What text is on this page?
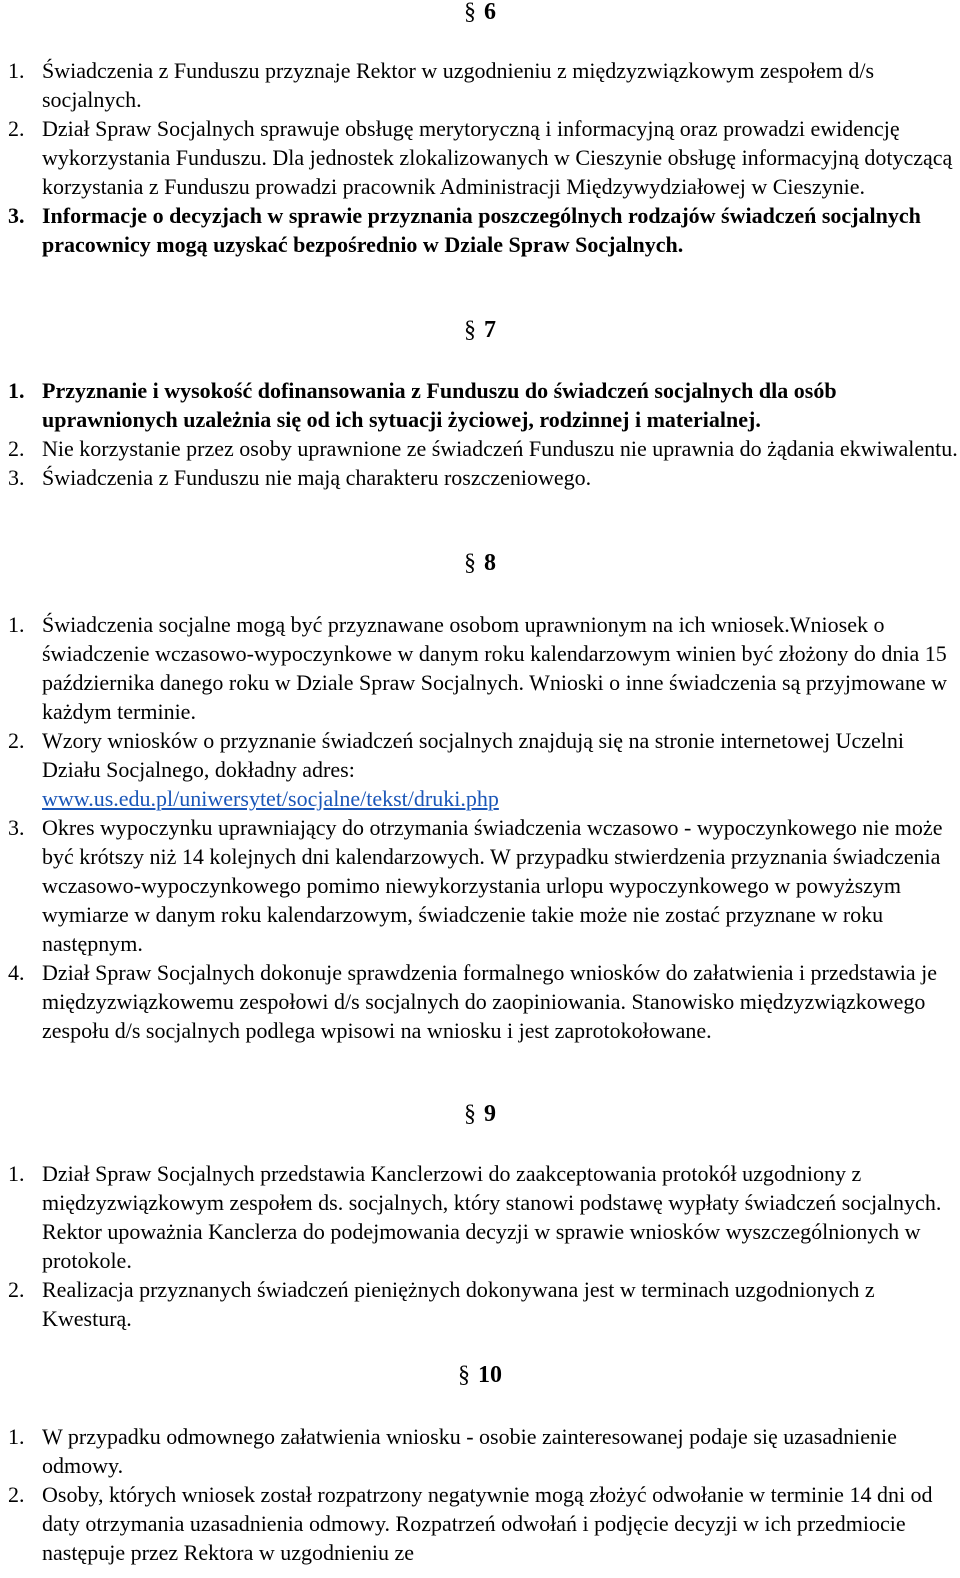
§ 6
1. Świadczenia z Funduszu przyznaje Rektor w uzgodnieniu z międzyzwiązkowym zespołem d/s socjalnych.
2. Dział Spraw Socjalnych sprawuje obsługę merytoryczną i informacyjną oraz prowadzi ewidencję wykorzystania Funduszu. Dla jednostek zlokalizowanych w Cieszynie obsługę informacyjną dotyczącą korzystania z Funduszu prowadzi pracownik Administracji Międzywydziałowej w Cieszynie.
3. Informacje o decyzjach w sprawie przyznania poszczególnych rodzajów świadczeń socjalnych pracownicy mogą uzyskać bezpośrednio w Dziale Spraw Socjalnych.
§ 7
1. Przyznanie i wysokość dofinansowania z Funduszu do świadczeń socjalnych dla osób uprawnionych uzależnia się od ich sytuacji życiowej, rodzinnej i materialnej.
2. Nie korzystanie przez osoby uprawnione ze świadczeń Funduszu nie uprawnia do żądania ekwiwalentu.
3. Świadczenia z Funduszu nie mają charakteru roszczeniowego.
§ 8
1. Świadczenia socjalne mogą być przyznawane osobom uprawnionym na ich wniosek.Wniosek o świadczenie wczasowo-wypoczynkowe w danym roku kalendarzowym winien być złożony do dnia 15 października danego roku w Dziale Spraw Socjalnych. Wnioski o inne świadczenia są przyjmowane w każdym terminie.
2. Wzory wniosków o przyznanie świadczeń socjalnych znajdują się na stronie internetowej Uczelni Działu Socjalnego, dokładny adres:
www.us.edu.pl/uniwersytet/socjalne/tekst/druki.php
3. Okres wypoczynku uprawniający do otrzymania świadczenia wczasowo - wypoczynkowego nie może być krótszy niż 14 kolejnych dni kalendarzowych. W przypadku stwierdzenia przyznania świadczenia wczasowo-wypoczynkowego pomimo niewykorzystania urlopu wypoczynkowego w powyższym wymiarze w danym roku kalendarzowym, świadczenie takie może nie zostać przyznane w roku następnym.
4. Dział Spraw Socjalnych dokonuje sprawdzenia formalnego wniosków do załatwienia i przedstawia je międzyzwiązkowemu zespołowi d/s socjalnych do zaopiniowania. Stanowisko międzyzwiązkowego zespołu d/s socjalnych podlega wpisowi na wniosku i jest zaprotokołowane.
§ 9
1. Dział Spraw Socjalnych przedstawia Kanclerzowi do zaakceptowania protokół uzgodniony z międzyzwiązkowym zespołem ds. socjalnych, który stanowi podstawę wypłaty świadczeń socjalnych. Rektor upoważnia Kanclerza do podejmowania decyzji w sprawie wniosków wyszczególnionych w protokole.
2. Realizacja przyznanych świadczeń pieniężnych dokonywana jest w terminach uzgodnionych z Kwesturą.
§ 10
1. W przypadku odmownego załatwienia wniosku - osobie zainteresowanej podaje się uzasadnienie odmowy.
2. Osoby, których wniosek został rozpatrzony negatywnie mogą złożyć odwołanie w terminie 14 dni od daty otrzymania uzasadnienia odmowy. Rozpatrzeń odwołań i podjęcie decyzji w ich przedmiocie następuje przez Rektora w uzgodnieniu ze
